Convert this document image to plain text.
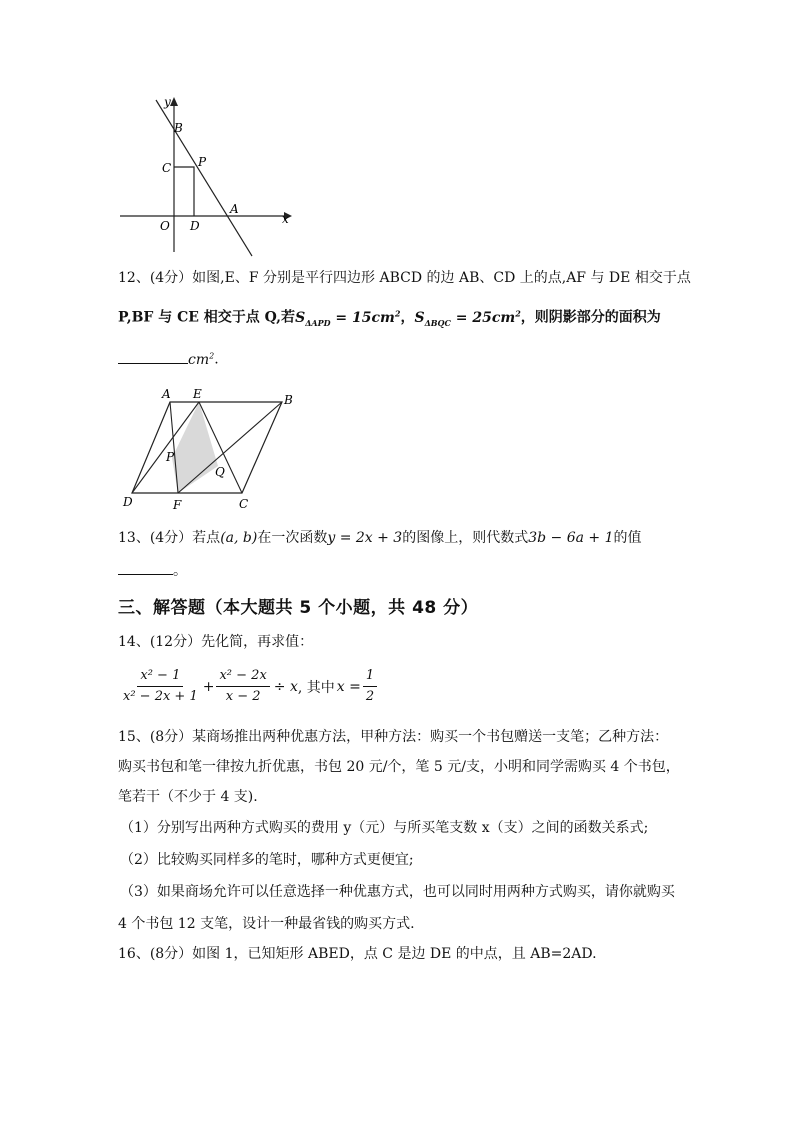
y
B
C P
O D
A
x
12、(4分）如图,E、F 分别是平行四边形 ABCD 的边 AB、CD 上的点,AF 与 DE 相交于点
P,BF 与 CE 相交于点 Q,若$S_{\Delta APD} = 15cm^2$，$S_{\Delta BQC} = 25cm^2$，则阴影部分的面积为
$cm^2$.
A E	B
P
Q
D	F	C
13、(4分）若点(a, b)在一次函数y = 2x + 3的图像上，则代数式3b − 6a + 1的值
。
三、解答题（本大题共 5 个小题，共 48 分）
14、(12分）先化简，再求值：
$\frac{\text{x² − 1}}{\text{x² − 2x + 1}} + \frac{\text{x² − 2x}}{x - 2} \div x$ , 其中 $x = \frac{1}{2}$
15、(8分）某商场推出两种优惠方法，甲种方法：购买一个书包赠送一支笔；乙种方法：
购买书包和笔一律按九折优惠，书包 20 元/个，笔 5 元/支，小明和同学需购买 4 个书包，
笔若干（不少于 4 支).
（1）分别写出两种方式购买的费用 y（元）与所买笔支数 x（支）之间的函数关系式;
（2）比较购买同样多的笔时，哪种方式更便宜;
（3）如果商场允许可以任意选择一种优惠方式，也可以同时用两种方式购买，请你就购买
4 个书包 12 支笔，设计一种最省钱的购买方式.
16、(8分）如图 1，已知矩形 ABED，点 C 是边 DE 的中点，且 AB=2AD.
